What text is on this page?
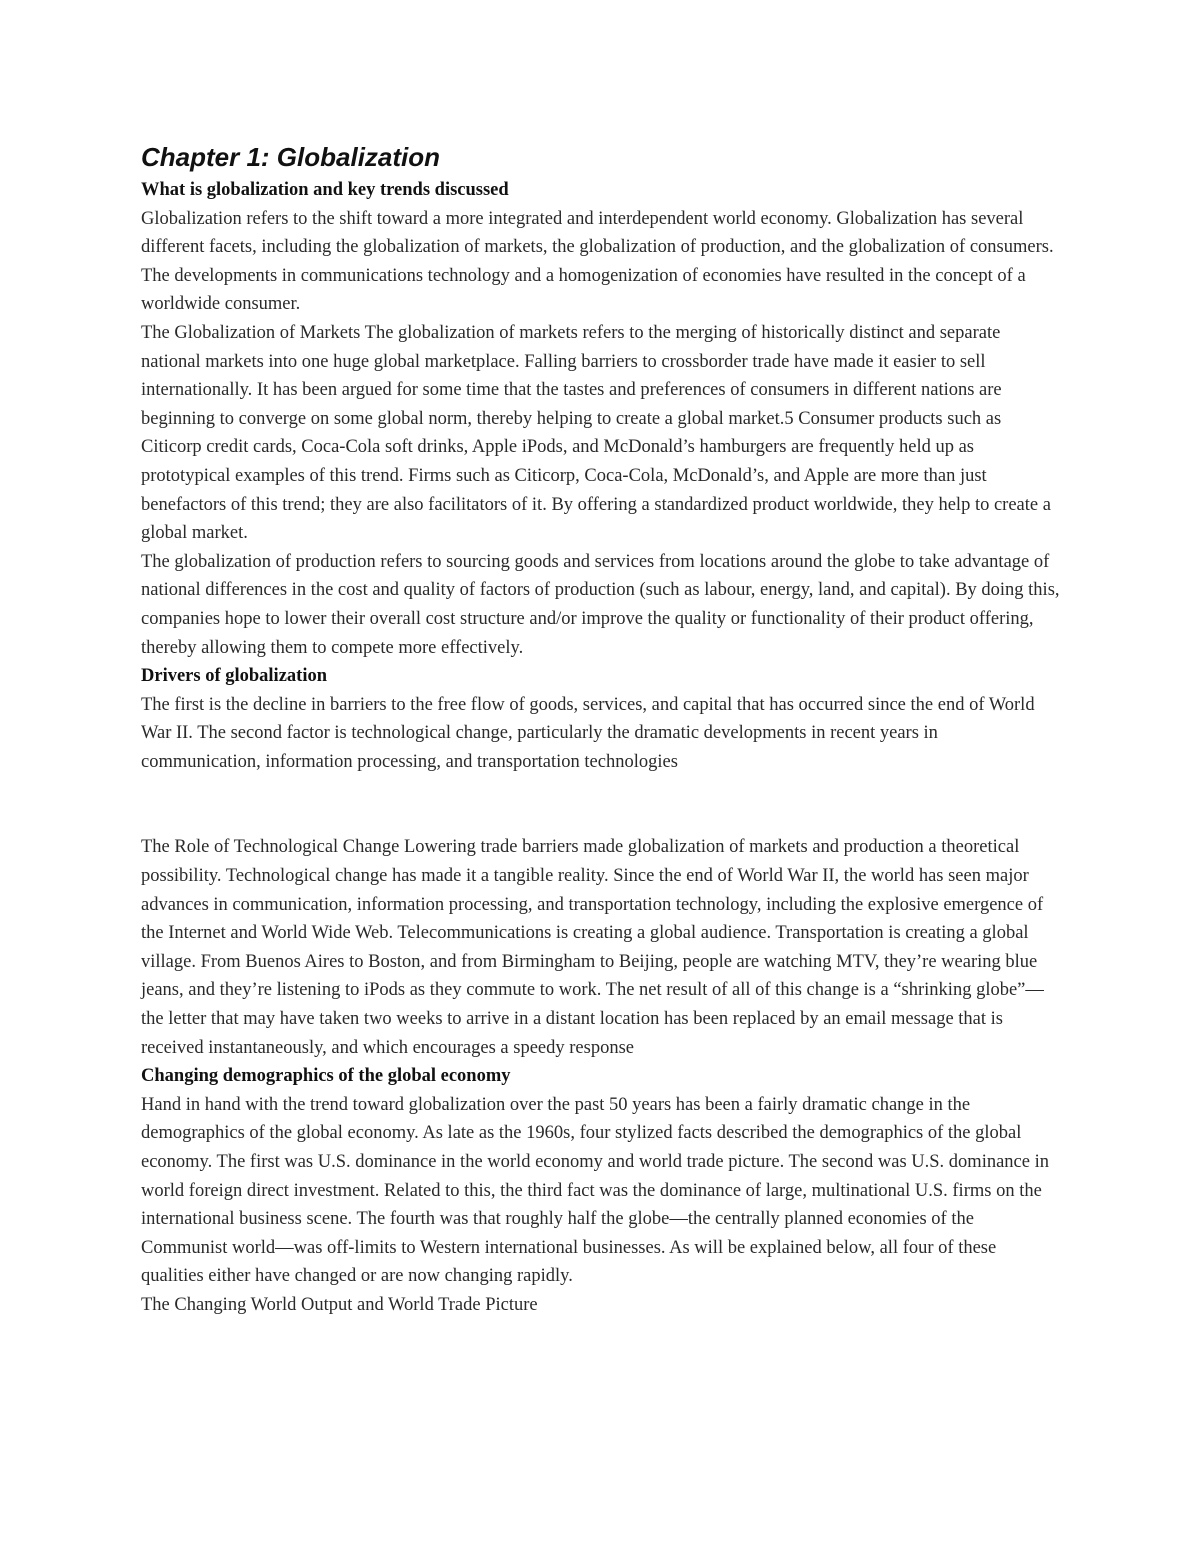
Chapter 1: Globalization

What is globalization and key trends discussed

Globalization refers to the shift toward a more integrated and interdependent world economy. Globalization has several different facets, including the globalization of markets, the globalization of production, and the globalization of consumers. The developments in communications technology and a homogenization of economies have resulted in the concept of a worldwide consumer.

The Globalization of Markets The globalization of markets refers to the merging of historically distinct and separate national markets into one huge global marketplace. Falling barriers to crossborder trade have made it easier to sell internationally. It has been argued for some time that the tastes and preferences of consumers in different nations are beginning to converge on some global norm, thereby helping to create a global market.5 Consumer products such as Citicorp credit cards, Coca-Cola soft drinks, Apple iPods, and McDonald’s hamburgers are frequently held up as prototypical examples of this trend. Firms such as Citicorp, Coca-Cola, McDonald’s, and Apple are more than just benefactors of this trend; they are also facilitators of it. By offering a standardized product worldwide, they help to create a global market.

The globalization of production refers to sourcing goods and services from locations around the globe to take advantage of national differences in the cost and quality of factors of production (such as labour, energy, land, and capital). By doing this, companies hope to lower their overall cost structure and/or improve the quality or functionality of their product offering, thereby allowing them to compete more effectively.

Drivers of globalization

The first is the decline in barriers to the free flow of goods, services, and capital that has occurred since the end of World War II. The second factor is technological change, particularly the dramatic developments in recent years in communication, information processing, and transportation technologies

The Role of Technological Change Lowering trade barriers made globalization of markets and production a theoretical possibility. Technological change has made it a tangible reality. Since the end of World War II, the world has seen major advances in communication, information processing, and transportation technology, including the explosive emergence of the Internet and World Wide Web. Telecommunications is creating a global audience. Transportation is creating a global village. From Buenos Aires to Boston, and from Birmingham to Beijing, people are watching MTV, they’re wearing blue jeans, and they’re listening to iPods as they commute to work. The net result of all of this change is a “shrinking globe”—the letter that may have taken two weeks to arrive in a distant location has been replaced by an email message that is received instantaneously, and which encourages a speedy response

Changing demographics of the global economy

Hand in hand with the trend toward globalization over the past 50 years has been a fairly dramatic change in the demographics of the global economy. As late as the 1960s, four stylized facts described the demographics of the global economy. The first was U.S. dominance in the world economy and world trade picture. The second was U.S. dominance in world foreign direct investment. Related to this, the third fact was the dominance of large, multinational U.S. firms on the international business scene. The fourth was that roughly half the globe—the centrally planned economies of the Communist world—was off-limits to Western international businesses. As will be explained below, all four of these qualities either have changed or are now changing rapidly.

The Changing World Output and World Trade Picture
